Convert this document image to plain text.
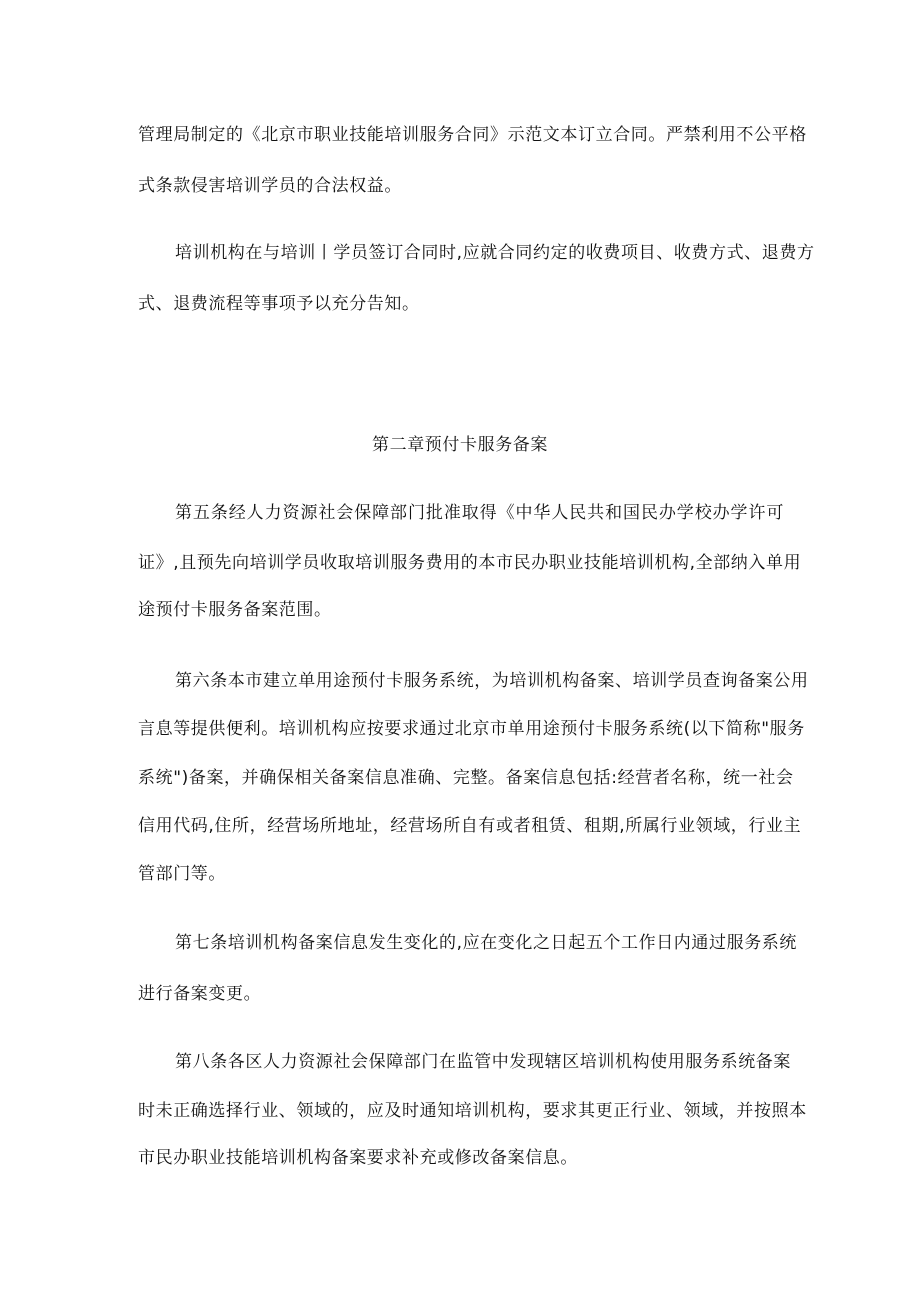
管理局制定的《北京市职业技能培训服务合同》示范文本订立合同。严禁利用不公平格
式条款侵害培训学员的合法权益。
培训机构在与培训丨学员签订合同时,应就合同约定的收费项目、收费方式、退费方
式、退费流程等事项予以充分告知。
第二章预付卡服务备案
第五条经人力资源社会保障部门批准取得《中华人民共和国民办学校办学许可
证》,且预先向培训学员收取培训服务费用的本市民办职业技能培训机构,全部纳入单用
途预付卡服务备案范围。
第六条本市建立单用途预付卡服务系统，为培训机构备案、培训学员查询备案公用
言息等提供便利。培训机构应按要求通过北京市单用途预付卡服务系统(以下简称"服务
系统")备案，并确保相关备案信息准确、完整。备案信息包括:经营者名称，统一社会
信用代码,住所，经营场所地址，经营场所自有或者租赁、租期,所属行业领域，行业主
管部门等。
第七条培训机构备案信息发生变化的,应在变化之日起五个工作日内通过服务系统
进行备案变更。
第八条各区人力资源社会保障部门在监管中发现辖区培训机构使用服务系统备案
时未正确选择行业、领域的，应及时通知培训机构，要求其更正行业、领域，并按照本
市民办职业技能培训机构备案要求补充或修改备案信息。
